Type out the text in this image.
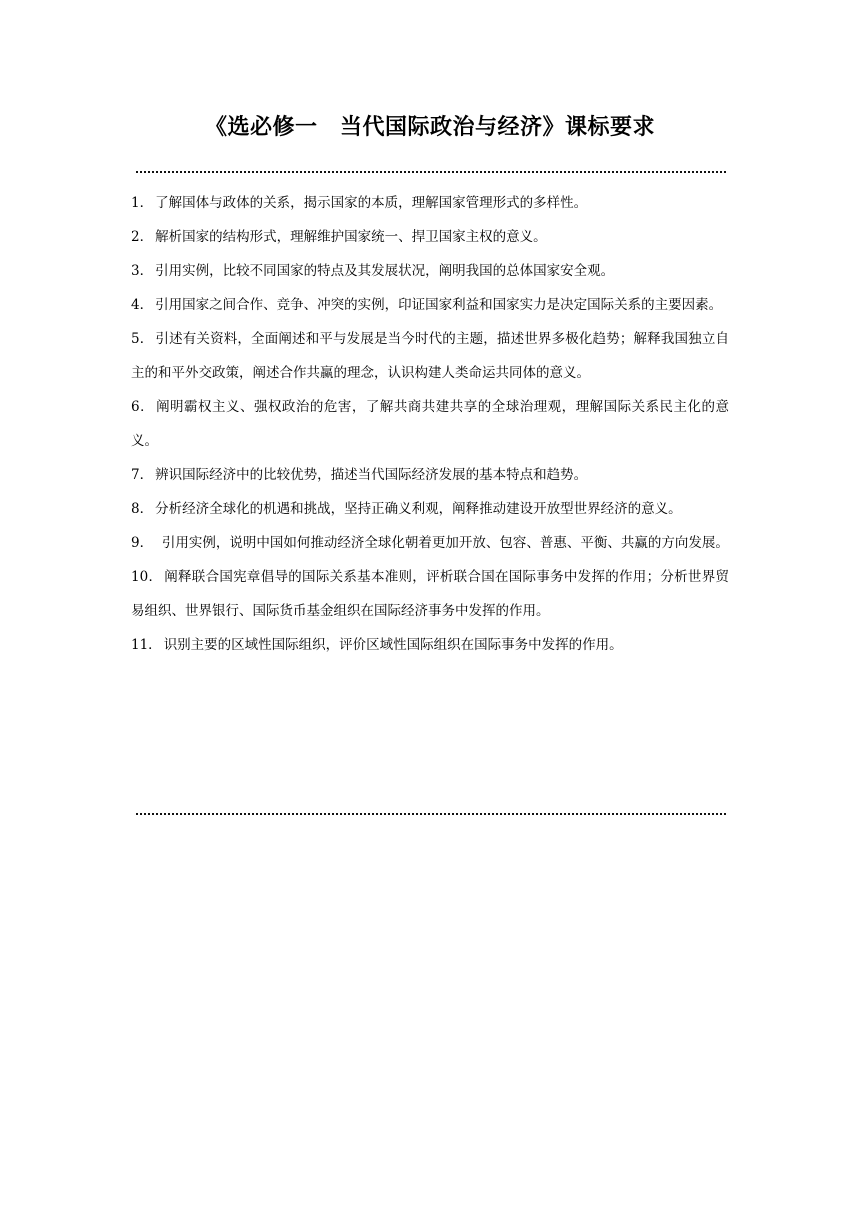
《选必修一　当代国际政治与经济》课标要求
1． 了解国体与政体的关系，揭示国家的本质，理解国家管理形式的多样性。
2． 解析国家的结构形式，理解维护国家统一、捍卫国家主权的意义。
3． 引用实例，比较不同国家的特点及其发展状况，阐明我国的总体国家安全观。
4． 引用国家之间合作、竞争、冲突的实例，印证国家利益和国家实力是决定国际关系的主要因素。
5． 引述有关资料，全面阐述和平与发展是当今时代的主题，描述世界多极化趋势；解释我国独立自主的和平外交政策，阐述合作共赢的理念，认识构建人类命运共同体的意义。
6． 阐明霸权主义、强权政治的危害，了解共商共建共享的全球治理观，理解国际关系民主化的意义。
7． 辨识国际经济中的比较优势，描述当代国际经济发展的基本特点和趋势。
8． 分析经济全球化的机遇和挑战，坚持正确义利观，阐释推动建设开放型世界经济的意义。
9．　引用实例，说明中国如何推动经济全球化朝着更加开放、包容、普惠、平衡、共赢的方向发展。
10． 阐释联合国宪章倡导的国际关系基本准则，评析联合国在国际事务中发挥的作用；分析世界贸易组织、世界银行、国际货币基金组织在国际经济事务中发挥的作用。
11． 识别主要的区域性国际组织，评价区域性国际组织在国际事务中发挥的作用。
